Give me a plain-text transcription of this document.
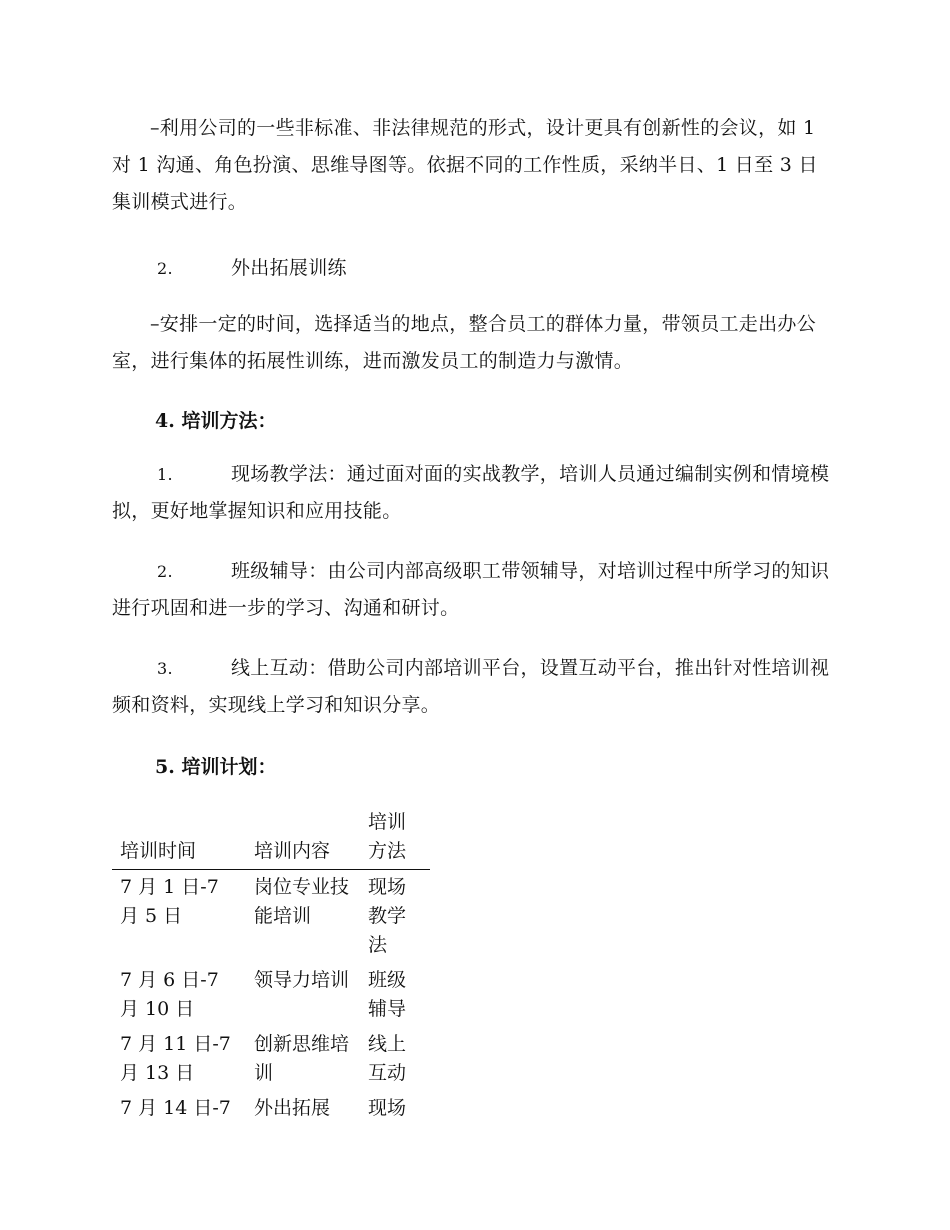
–利用公司的一些非标准、非法律规范的形式，设计更具有创新性的会议，如 1 对 1 沟通、角色扮演、思维导图等。依据不同的工作性质，采纳半日、1 日至 3 日集训模式进行。

2.	外出拓展训练

–安排一定的时间，选择适当的地点，整合员工的群体力量，带领员工走出办公室，进行集体的拓展性训练，进而激发员工的制造力与激情。

4. 培训方法：

1.	现场教学法：通过面对面的实战教学，培训人员通过编制实例和情境模拟，更好地掌握知识和应用技能。

2.	班级辅导：由公司内部高级职工带领辅导，对培训过程中所学习的知识进行巩固和进一步的学习、沟通和研讨。

3.	线上互动：借助公司内部培训平台，设置互动平台，推出针对性培训视频和资料，实现线上学习和知识分享。

5. 培训计划：

培训时间	培训内容	培训方法
7 月 1 日-7 月 5 日	岗位专业技能培训	现场教学法
7 月 6 日-7 月 10 日	领导力培训	班级辅导
7 月 11 日-7 月 13 日	创新思维培训	线上互动
7 月 14 日-7	外出拓展	现场
